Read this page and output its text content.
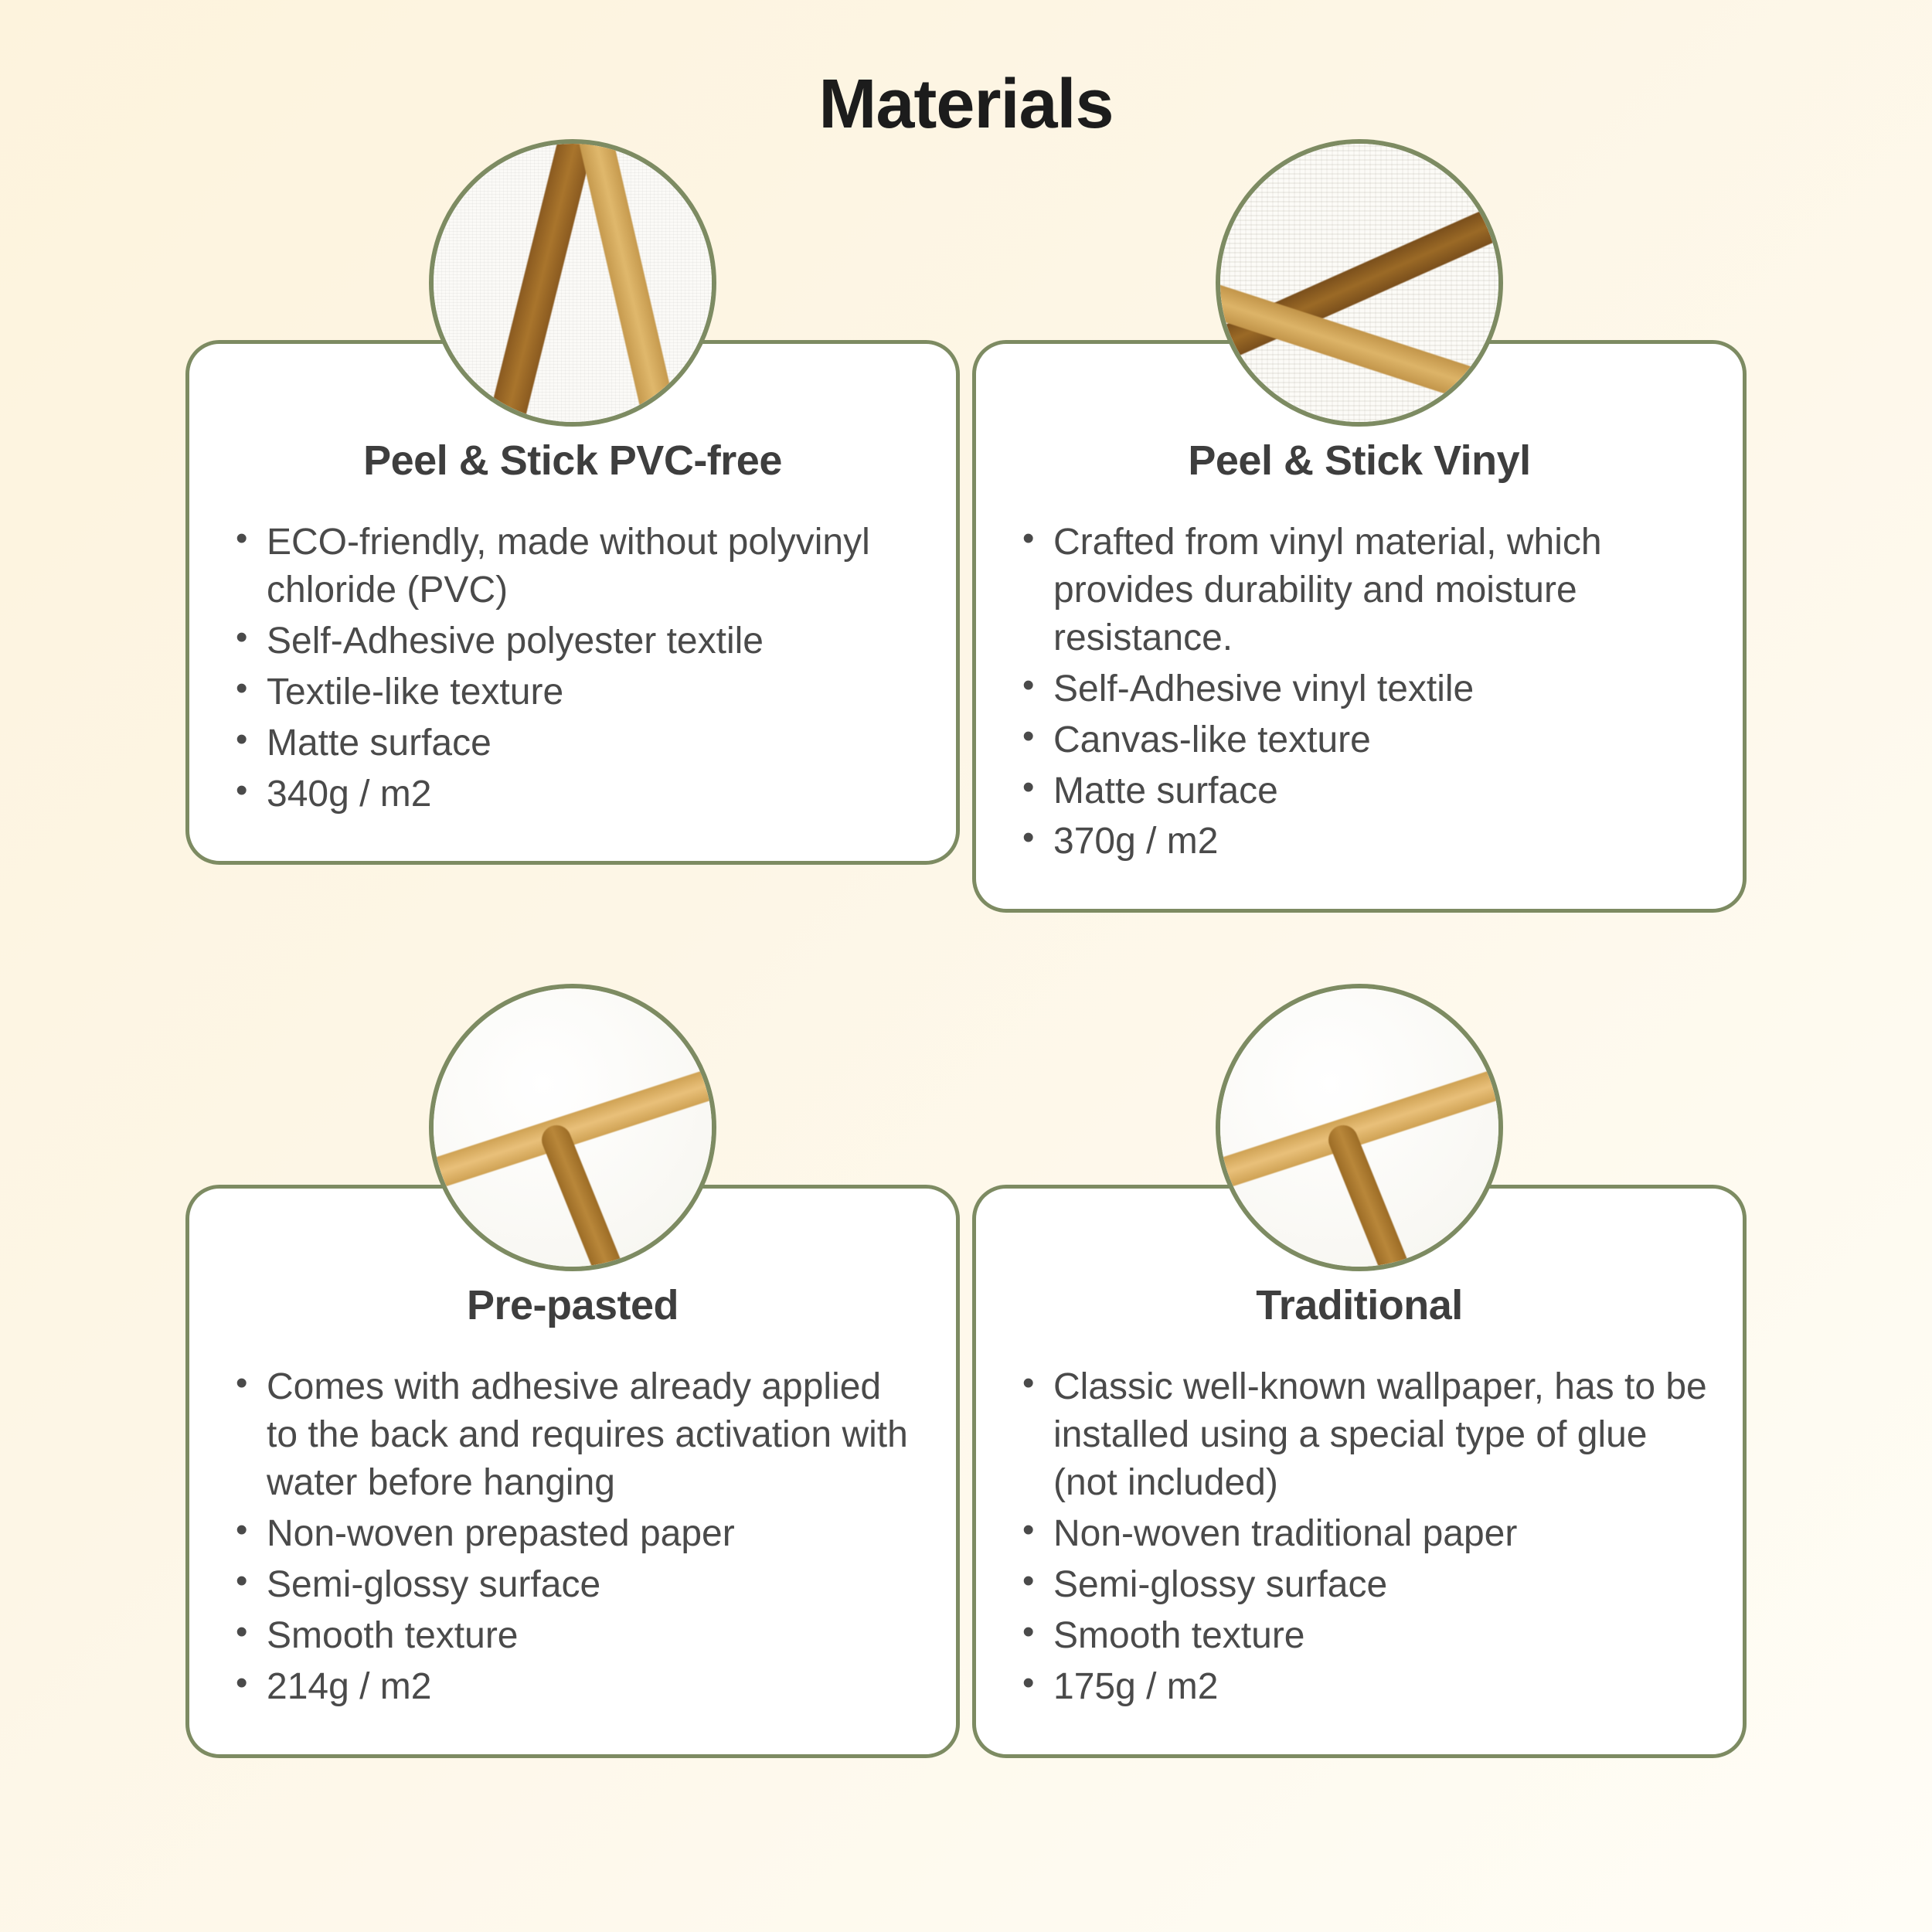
Materials
Peel & Stick PVC-free
• ECO-friendly, made without polyvinyl chloride (PVC)
• Self-Adhesive polyester textile
• Textile-like texture
• Matte surface
• 340g / m2
Peel & Stick Vinyl
• Crafted from vinyl material, which provides durability and moisture resistance.
• Self-Adhesive vinyl textile
• Canvas-like texture
• Matte surface
• 370g / m2
Pre-pasted
• Comes with adhesive already applied to the back and requires activation with water before hanging
• Non-woven prepasted paper
• Semi-glossy surface
• Smooth texture
• 214g / m2
Traditional
• Classic well-known wallpaper, has to be installed using a special type of glue (not included)
• Non-woven traditional paper
• Semi-glossy surface
• Smooth texture
• 175g / m2
